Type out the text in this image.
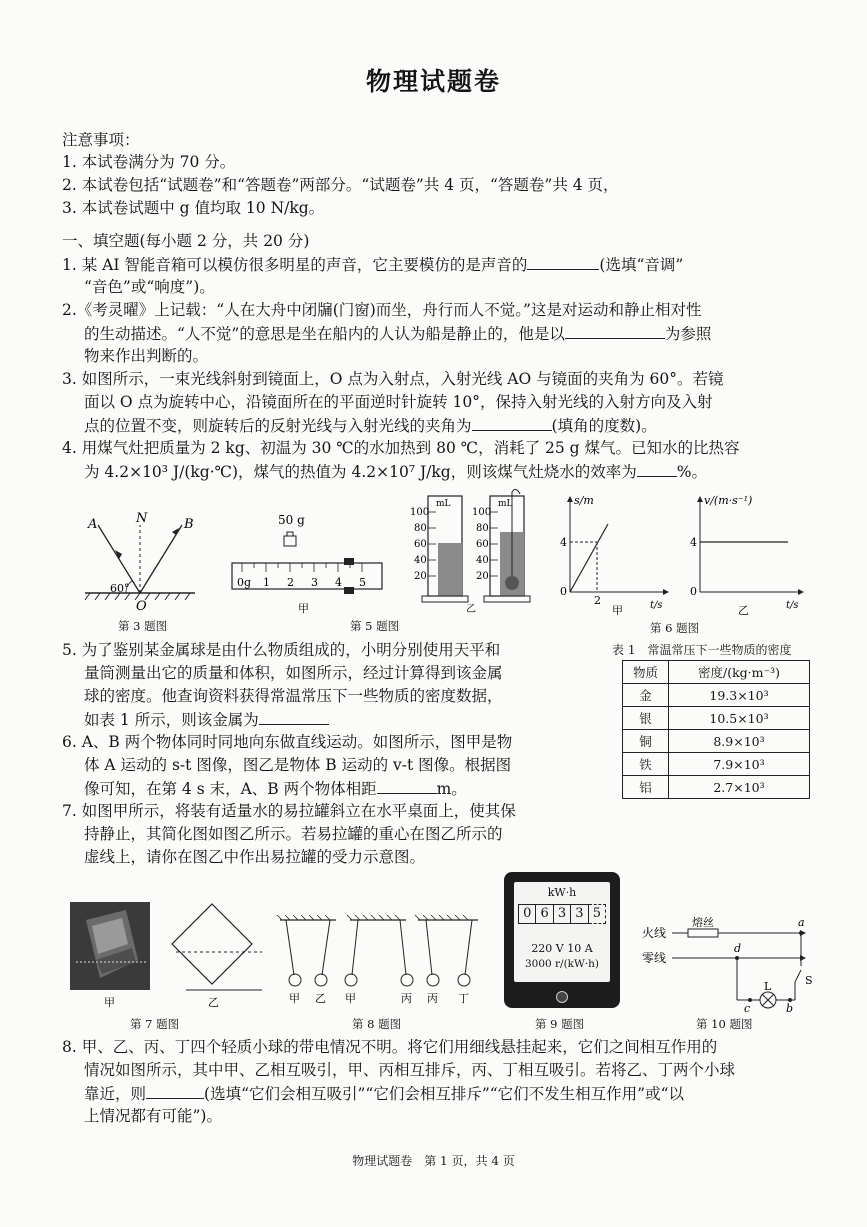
物理试题卷
注意事项：
1. 本试卷满分为 70 分。
2. 本试卷包括“试题卷”和“答题卷”两部分。“试题卷”共 4 页，“答题卷”共 4 页，
3. 本试卷试题中 g 值均取 10 N/kg。
一、填空题(每小题 2 分，共 20 分)
1. 某 AI 智能音箱可以模仿很多明星的声音，它主要模仿的是声音的	(选填“音调”
“音色”或“响度”)。
2.《考灵曜》上记载：“人在大舟中闭牖(门窗)而坐，舟行而人不觉。”这是对运动和静止相对性
的生动描述。“人不觉”的意思是坐在船内的人认为船是静止的，他是以	为参照
物来作出判断的。
3. 如图所示，一束光线斜射到镜面上，O 点为入射点，入射光线 AO 与镜面的夹角为 60°。若镜
面以 O 点为旋转中心，沿镜面所在的平面逆时针旋转 10°，保持入射光线的入射方向及入射
点的位置不变，则旋转后的反射光线与入射光线的夹角为	(填角的度数)。
4. 用煤气灶把质量为 2 kg、初温为 30 ℃的水加热到 80 ℃，消耗了 25 g 煤气。已知水的比热容
为 4.2×10³ J/(kg·℃)，煤气的热值为 4.2×10⁷ J/kg，则该煤气灶烧水的效率为	%。
A	N	B
O
60°
第 3 题图
50 g
0g 1 2 3 4 5
甲
mL
100
80
60
40
20
mL
100
80
60
40
20
乙
第 5 题图
s/m
4
2
0
t/s
甲
v/(m·s⁻¹)
4
0
t/s
乙
第 6 题图
5. 为了鉴别某金属球是由什么物质组成的，小明分别使用天平和
量筒测量出它的质量和体积，如图所示，经过计算得到该金属
球的密度。他查询资料获得常温常压下一些物质的密度数据，
如表 1 所示，则该金属为
表 1　常温常压下一些物质的密度
物质	密度/(kg·m⁻³)
金	19.3×10³
银	10.5×10³
铜	8.9×10³
铁	7.9×10³
铝	2.7×10³
6. A、B 两个物体同时同地向东做直线运动。如图所示，图甲是物
体 A 运动的 s-t 图像，图乙是物体 B 运动的 v-t 图像。根据图
像可知，在第 4 s 末，A、B 两个物体相距	m。
7. 如图甲所示，将装有适量水的易拉罐斜立在水平桌面上，使其保
持静止，其简化图如图乙所示。若易拉罐的重心在图乙所示的
虚线上，请你在图乙中作出易拉罐的受力示意图。
甲	乙
第 7 题图
甲 乙 甲	丙 丙 丁
第 8 题图
kW·h
0 6 3 3 5
220 V 10 A
3000 r/(kW·h)
第 9 题图
火线
零线
熔丝	a
d
c	b
L	S
第 10 题图
8. 甲、乙、丙、丁四个轻质小球的带电情况不明。将它们用细线悬挂起来，它们之间相互作用的
情况如图所示，其中甲、乙相互吸引，甲、丙相互排斥，丙、丁相互吸引。若将乙、丁两个小球
靠近，则	(选填“它们会相互吸引”“它们会相互排斥”“它们不发生相互作用”或“以
上情况都有可能”)。
物理试题卷　第 1 页，共 4 页
